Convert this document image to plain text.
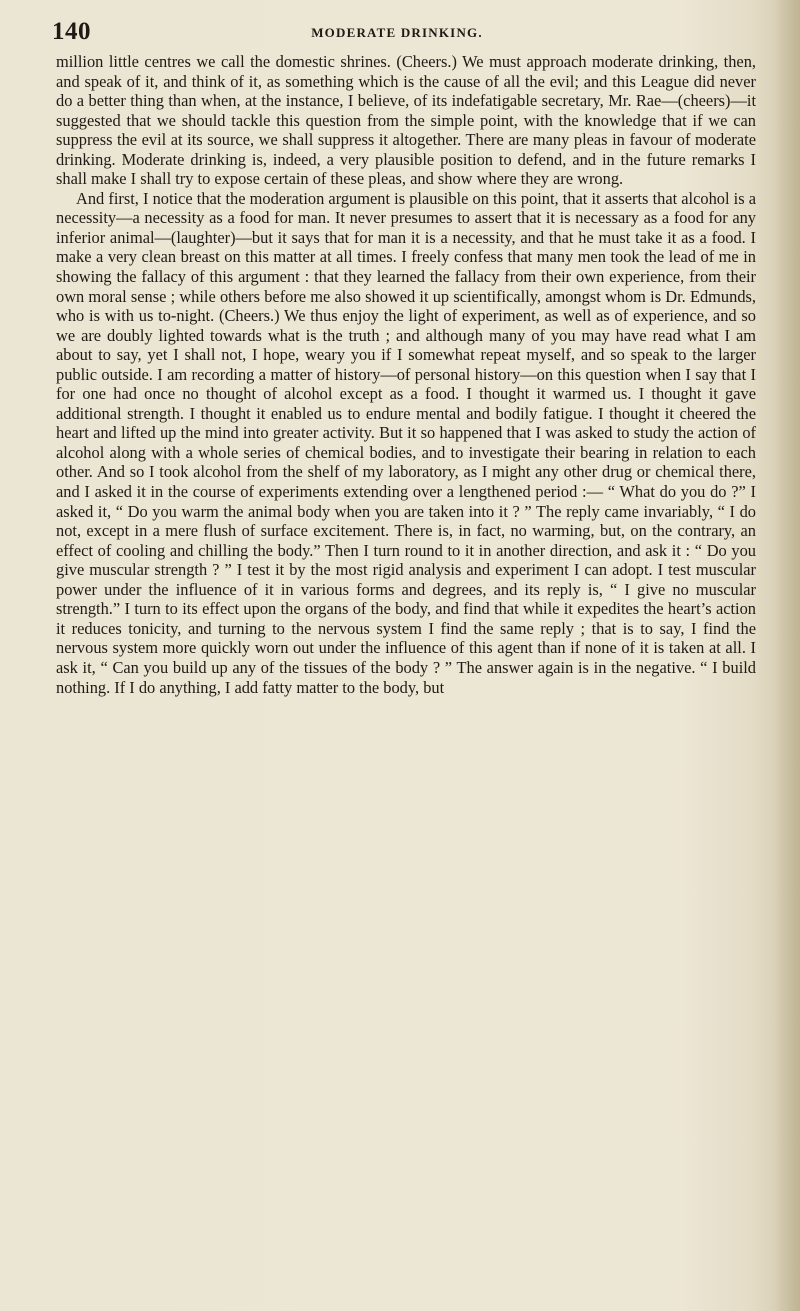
140	MODERATE DRINKING.

million little centres we call the domestic shrines. (Cheers.) We must approach moderate drinking, then, and speak of it, and think of it, as something which is the cause of all the evil; and this League did never do a better thing than when, at the instance, I believe, of its indefatigable secretary, Mr. Rae—(cheers)—it suggested that we should tackle this question from the simple point, with the knowledge that if we can suppress the evil at its source, we shall suppress it altogether. There are many pleas in favour of moderate drinking. Moderate drinking is, indeed, a very plausible position to defend, and in the future remarks I shall make I shall try to expose certain of these pleas, and show where they are wrong.

And first, I notice that the moderation argument is plausible on this point, that it asserts that alcohol is a necessity—a necessity as a food for man. It never presumes to assert that it is necessary as a food for any inferior animal—(laughter)—but it says that for man it is a necessity, and that he must take it as a food. I make a very clean breast on this matter at all times. I freely confess that many men took the lead of me in showing the fallacy of this argument : that they learned the fallacy from their own experience, from their own moral sense ; while others before me also showed it up scientifically, amongst whom is Dr. Edmunds, who is with us to-night. (Cheers.) We thus enjoy the light of experiment, as well as of experience, and so we are doubly lighted towards what is the truth ; and although many of you may have read what I am about to say, yet I shall not, I hope, weary you if I somewhat repeat myself, and so speak to the larger public outside. I am recording a matter of history—of personal history—on this question when I say that I for one had once no thought of alcohol except as a food. I thought it warmed us. I thought it gave additional strength. I thought it enabled us to endure mental and bodily fatigue. I thought it cheered the heart and lifted up the mind into greater activity. But it so happened that I was asked to study the action of alcohol along with a whole series of chemical bodies, and to investigate their bearing in relation to each other. And so I took alcohol from the shelf of my laboratory, as I might any other drug or chemical there, and I asked it in the course of experiments extending over a lengthened period :— “ What do you do ?” I asked it, “ Do you warm the animal body when you are taken into it ? ” The reply came invariably, “ I do not, except in a mere flush of surface excitement. There is, in fact, no warming, but, on the contrary, an effect of cooling and chilling the body.” Then I turn round to it in another direction, and ask it : “ Do you give muscular strength ? ” I test it by the most rigid analysis and experiment I can adopt. I test muscular power under the influence of it in various forms and degrees, and its reply is, “ I give no muscular strength.” I turn to its effect upon the organs of the body, and find that while it expedites the heart’s action it reduces tonicity, and turning to the nervous system I find the same reply ; that is to say, I find the nervous system more quickly worn out under the influence of this agent than if none of it is taken at all. I ask it, “ Can you build up any of the tissues of the body ? ” The answer again is in the negative. “ I build nothing. If I do anything, I add fatty matter to the body, but
